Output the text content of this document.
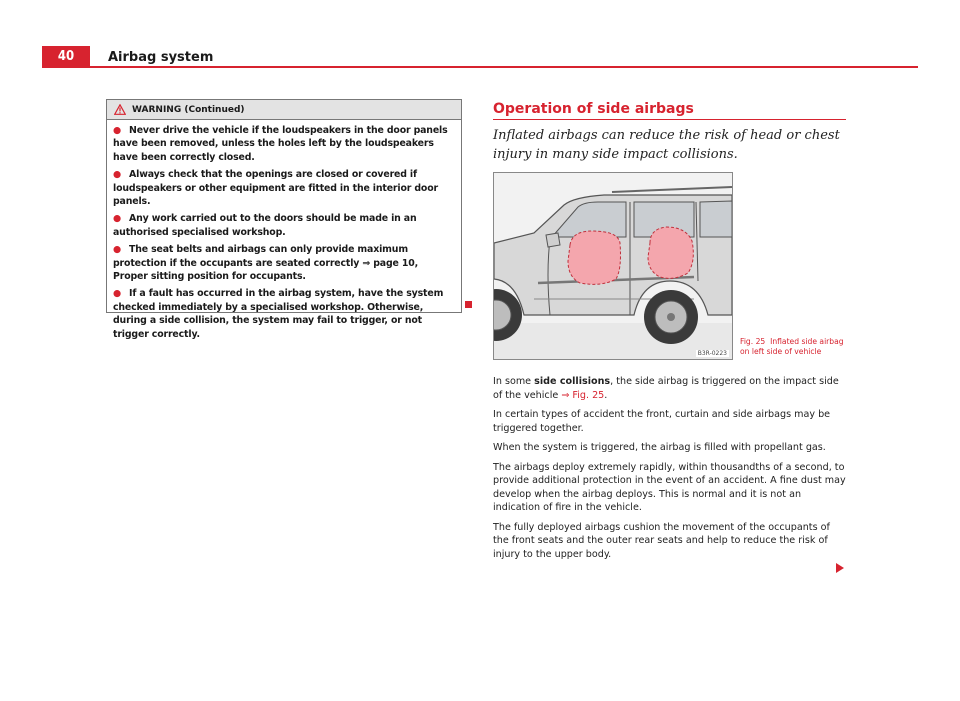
40	Airbag system
WARNING (Continued)
● Never drive the vehicle if the loudspeakers in the door panels have been removed, unless the holes left by the loudspeakers have been correctly closed.
● Always check that the openings are closed or covered if loudspeakers or other equipment are fitted in the interior door panels.
● Any work carried out to the doors should be made in an authorised specialised workshop.
● The seat belts and airbags can only provide maximum protection if the occupants are seated correctly ⇒ page 10, Proper sitting position for occupants.
● If a fault has occurred in the airbag system, have the system checked immediately by a specialised workshop. Otherwise, during a side collision, the system may fail to trigger, or not trigger correctly.
Operation of side airbags
Inflated airbags can reduce the risk of head or chest injury in many side impact collisions.
B3R-0223
Fig. 25 Inflated side airbag on left side of vehicle

In some side collisions, the side airbag is triggered on the impact side of the vehicle ⇒ Fig. 25.

In certain types of accident the front, curtain and side airbags may be triggered together.

When the system is triggered, the airbag is filled with propellant gas.

The airbags deploy extremely rapidly, within thousandths of a second, to provide additional protection in the event of an accident. A fine dust may develop when the airbag deploys. This is normal and it is not an indication of fire in the vehicle.

The fully deployed airbags cushion the movement of the occupants of the front seats and the outer rear seats and help to reduce the risk of injury to the upper body.
